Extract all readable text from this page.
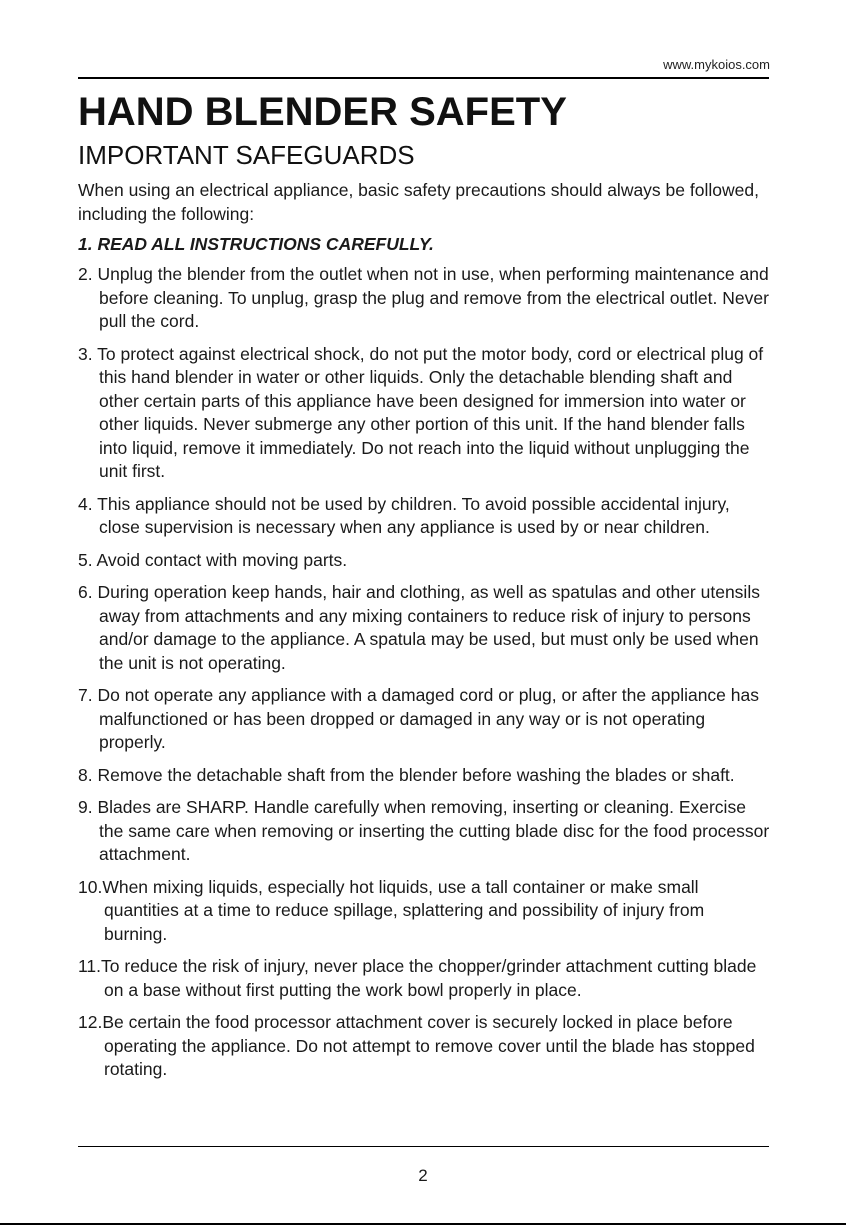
www.mykoios.com
HAND BLENDER SAFETY
IMPORTANT SAFEGUARDS

When using an electrical appliance, basic safety precautions should always be followed, including the following:

1. READ ALL INSTRUCTIONS CAREFULLY.

2. Unplug the blender from the outlet when not in use, when performing maintenance and before cleaning. To unplug, grasp the plug and remove from the electrical outlet. Never pull the cord.
3. To protect against electrical shock, do not put the motor body, cord or electrical plug of this hand blender in water or other liquids. Only the detachable blending shaft and other certain parts of this appliance have been designed for immersion into water or other liquids. Never submerge any other portion of this unit. If the hand blender falls into liquid, remove it immediately. Do not reach into the liquid without unplugging the unit first.
4. This appliance should not be used by children. To avoid possible accidental injury, close supervision is necessary when any appliance is used by or near children.
5. Avoid contact with moving parts.
6. During operation keep hands, hair and clothing, as well as spatulas and other utensils away from attachments and any mixing containers to reduce risk of injury to persons and/or damage to the appliance. A spatula may be used, but must only be used when the unit is not operating.
7. Do not operate any appliance with a damaged cord or plug, or after the appliance has malfunctioned or has been dropped or damaged in any way or is not operating properly.
8. Remove the detachable shaft from the blender before washing the blades or shaft.
9. Blades are SHARP. Handle carefully when removing, inserting or cleaning. Exercise the same care when removing or inserting the cutting blade disc for the food processor attachment.
10.When mixing liquids, especially hot liquids, use a tall container or make small quantities at a time to reduce spillage, splattering and possibility of injury from burning.
11.To reduce the risk of injury, never place the chopper/grinder attachment cutting blade on a base without first putting the work bowl properly in place.
12.Be certain the food processor attachment cover is securely locked in place before operating the appliance. Do not attempt to remove cover until the blade has stopped rotating.
2
